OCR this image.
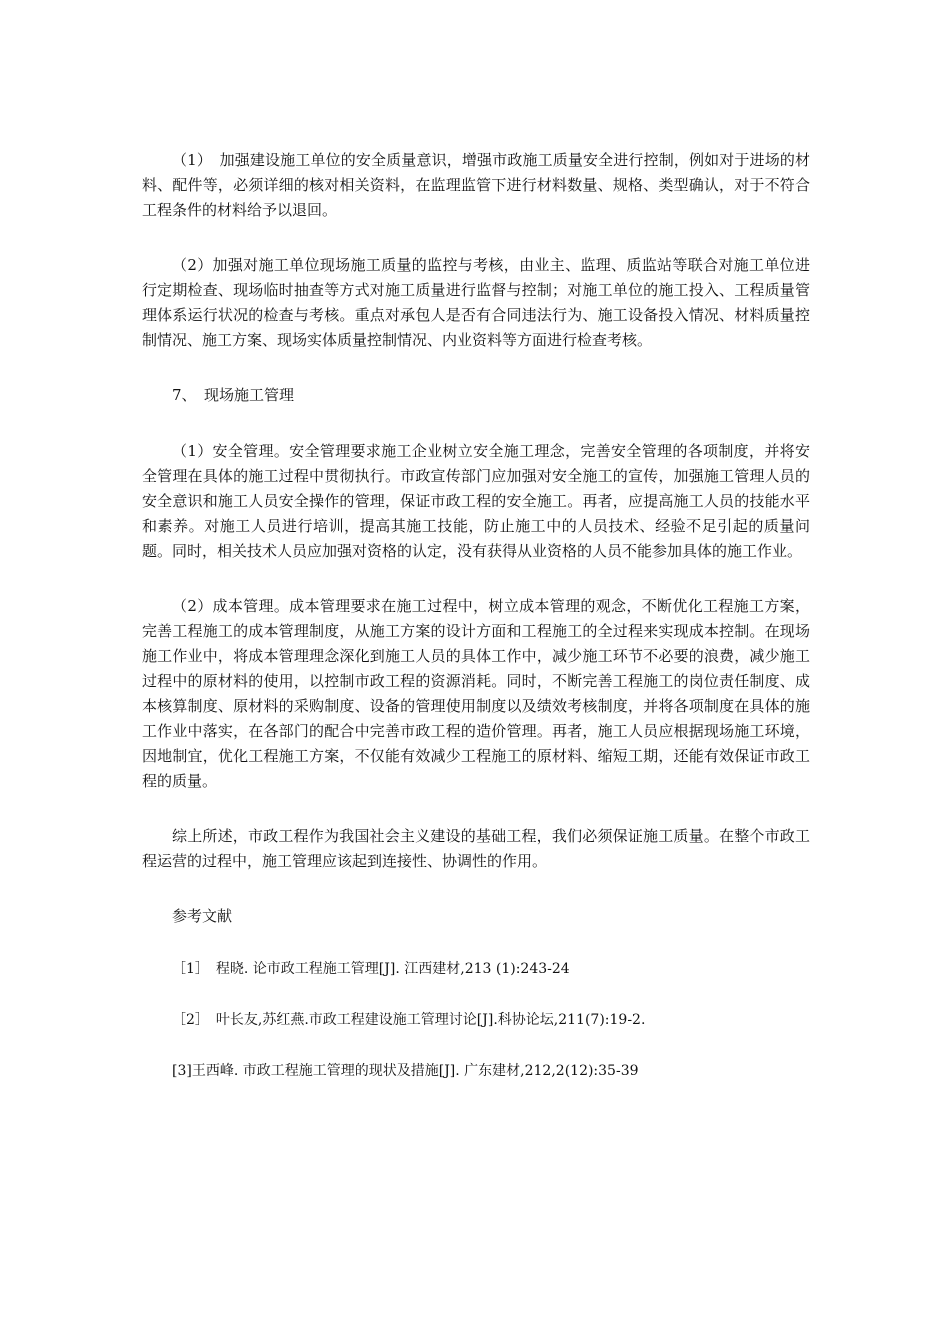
（1）　加强建设施工单位的安全质量意识，增强市政施工质量安全进行控制，例如对于进场的材料、配件等，必须详细的核对相关资料，在监理监管下进行材料数量、规格、类型确认，对于不符合工程条件的材料给予以退回。

（2）加强对施工单位现场施工质量的监控与考核，由业主、监理、质监站等联合对施工单位进行定期检查、现场临时抽查等方式对施工质量进行监督与控制；对施工单位的施工投入、工程质量管理体系运行状况的检查与考核。重点对承包人是否有合同违法行为、施工设备投入情况、材料质量控制情况、施工方案、现场实体质量控制情况、内业资料等方面进行检查考核。

7、　现场施工管理

（1）安全管理。安全管理要求施工企业树立安全施工理念，完善安全管理的各项制度，并将安全管理在具体的施工过程中贯彻执行。市政宣传部门应加强对安全施工的宣传，加强施工管理人员的安全意识和施工人员安全操作的管理，保证市政工程的安全施工。再者，应提高施工人员的技能水平和素养。对施工人员进行培训，提高其施工技能，防止施工中的人员技术、经验不足引起的质量问题。同时，相关技术人员应加强对资格的认定，没有获得从业资格的人员不能参加具体的施工作业。

（2）成本管理。成本管理要求在施工过程中，树立成本管理的观念，不断优化工程施工方案，完善工程施工的成本管理制度，从施工方案的设计方面和工程施工的全过程来实现成本控制。在现场施工作业中，将成本管理理念深化到施工人员的具体工作中，减少施工环节不必要的浪费，减少施工过程中的原材料的使用，以控制市政工程的资源消耗。同时，不断完善工程施工的岗位责任制度、成本核算制度、原材料的采购制度、设备的管理使用制度以及绩效考核制度，并将各项制度在具体的施工作业中落实，在各部门的配合中完善市政工程的造价管理。再者，施工人员应根据现场施工环境，因地制宜，优化工程施工方案，不仅能有效减少工程施工的原材料、缩短工期，还能有效保证市政工程的质量。

综上所述，市政工程作为我国社会主义建设的基础工程，我们必须保证施工质量。在整个市政工程运营的过程中，施工管理应该起到连接性、协调性的作用。

参考文献

［1］　程晓. 论市政工程施工管理[J]. 江西建材,213 (1):243-24
［2］　叶长友,苏红燕.市政工程建设施工管理讨论[J].科协论坛,211(7):19-2.
[3]王西峰. 市政工程施工管理的现状及措施[J]. 广东建材,212,2(12):35-39
